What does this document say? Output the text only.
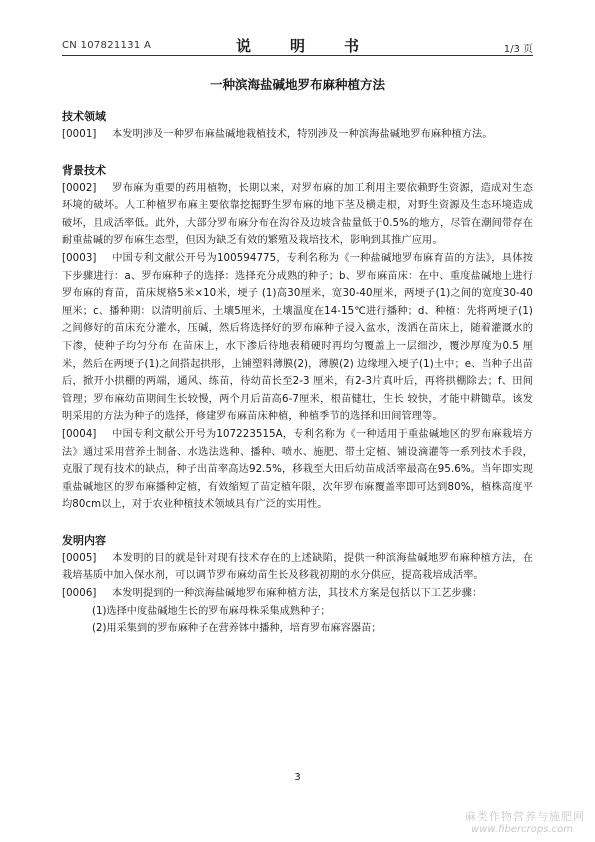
CN 107821131 A	说　明　书	1/3 页
一种滨海盐碱地罗布麻种植方法
技术领域
[0001] 本发明涉及一种罗布麻盐碱地栽植技术，特别涉及一种滨海盐碱地罗布麻种植方法。
背景技术
[0002] 罗布麻为重要的药用植物，长期以来，对罗布麻的加工利用主要依赖野生资源，造成对生态环境的破坏。人工种植罗布麻主要依靠挖掘野生罗布麻的地下茎及横走根，对野生资源及生态环境造成破坏，且成活率低。此外，大部分罗布麻分布在沟谷及边坡含盐量低于0.5%的地方，尽管在潮间带存在耐重盐碱的罗布麻生态型，但因为缺乏有效的繁殖及栽培技术，影响到其推广应用。
[0003] 中国专利文献公开号为100594775，专利名称为《一种盐碱地罗布麻育苗的方法》，具体按下步骤进行：a、罗布麻种子的选择：选择充分成熟的种子；b、罗布麻苗床：在中、重度盐碱地上进行罗布麻的育苗，苗床规格5米×10米，埂子 (1)高30厘米，宽30-40厘米，两埂子(1)之间的宽度30-40厘米；c、播种期：以清明前后、土壤5厘米，土壤温度在14-15℃进行播种；d、种植：先将两埂子(1)之间修好的苗床充分灌水，压碱，然后将选择好的罗布麻种子浸入盆水，泼洒在苗床上，随着灌溉水的下渗，使种子均匀分布 在苗床上，水下渗后待地表稍硬时再均匀覆盖上一层细沙，覆沙厚度为0.5 厘米，然后在两埂子(1)之间搭起拱形，上铺塑料薄膜(2)，薄膜(2) 边缘埋入埂子(1)土中；e、当种子出苗后，掀开小拱棚的两端，通风、练苗，待幼苗长至2-3 厘米，有2-3片真叶后，再将拱棚除去；f、田间管理；罗布麻幼苗期间生长较慢，两个月后苗高6-7厘米，根苗健壮，生长 较快，才能中耕锄草。该发明采用的方法为种子的选择，修建罗布麻苗床种植，种植季节的选择和田间管理等。
[0004] 中国专利文献公开号为107223515A，专利名称为《一种适用于重盐碱地区的罗布麻栽培方法》通过采用营养土制备、水选法选种、播种、喷水、施肥、带土定植、铺设滴灌等一系列技术手段，克服了现有技术的缺点，种子出苗率高达92.5%，移栽至大田后幼苗成活率最高在95.6%。当年即实现重盐碱地区的罗布麻播种定植，有效缩短了苗定植年限，次年罗布麻覆盖率即可达到80%，植株高度平均80cm以上，对于农业种植技术领域具有广泛的实用性。
发明内容
[0005] 本发明的目的就是针对现有技术存在的上述缺陷，提供一种滨海盐碱地罗布麻种植方法，在栽培基质中加入保水剂，可以调节罗布麻幼苗生长及移栽初期的水分供应，提高栽培成活率。
[0006] 本发明提到的一种滨海盐碱地罗布麻种植方法，其技术方案是包括以下工艺步骤：
(1)选择中度盐碱地生长的罗布麻母株采集成熟种子；
(2)用采集到的罗布麻种子在营养钵中播种，培育罗布麻容器苗；
3
麻类作物营养与施肥网
www.fibercrops.com
